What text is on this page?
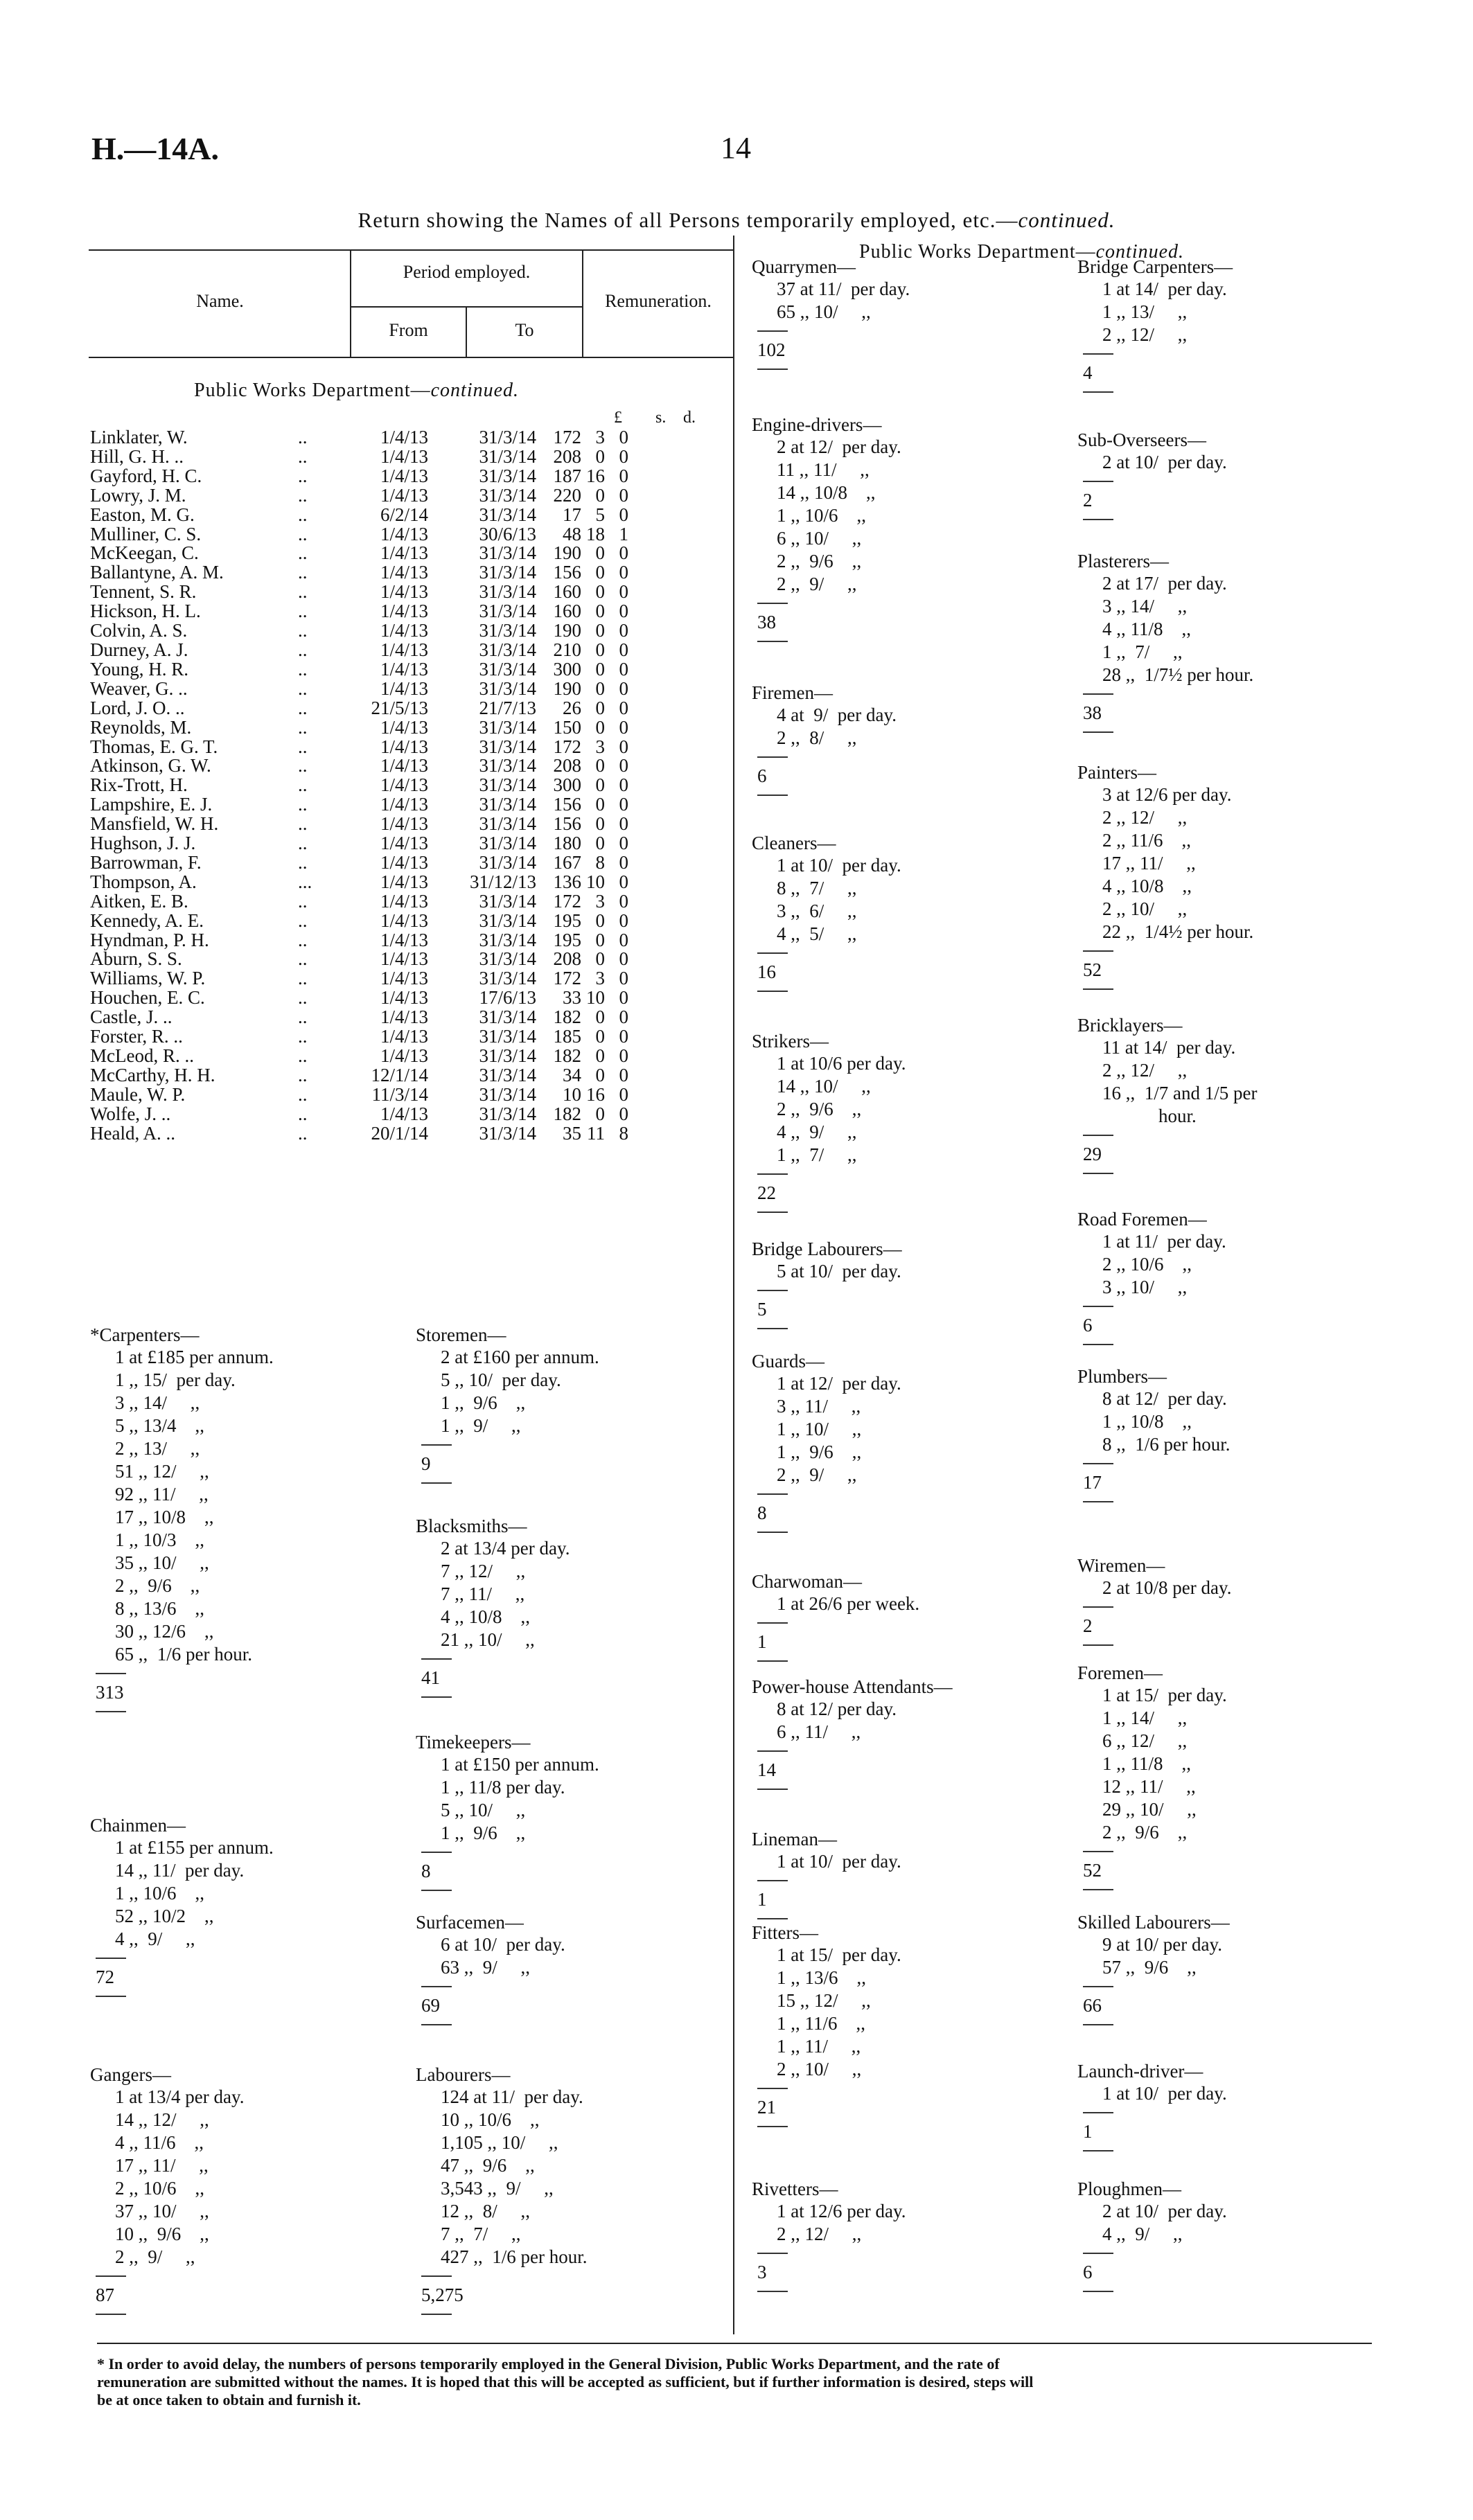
H.—14A.	14
Return showing the Names of all Persons temporarily employed, etc.—continued.
Name.
Period employed.
From	To
Remuneration.
Public Works Department—continued.
£ s. d.
Public Works Department—continued.
Linklater, W.	..	1/4/13	31/3/14	172	3	0
Hill, G. H. ..	..	1/4/13	31/3/14	208	0	0
Gayford, H. C.	..	1/4/13	31/3/14	187	16	0
Lowry, J. M.	..	1/4/13	31/3/14	220	0	0
Easton, M. G.	..	6/2/14	31/3/14	17	5	0
Mulliner, C. S.	..	1/4/13	30/6/13	48	18	1
McKeegan, C.	..	1/4/13	31/3/14	190	0	0
Ballantyne, A. M.	..	1/4/13	31/3/14	156	0	0
Tennent, S. R.	..	1/4/13	31/3/14	160	0	0
Hickson, H. L.	..	1/4/13	31/3/14	160	0	0
Colvin, A. S.	..	1/4/13	31/3/14	190	0	0
Durney, A. J.	..	1/4/13	31/3/14	210	0	0
Young, H. R.	..	1/4/13	31/3/14	300	0	0
Weaver, G. ..	..	1/4/13	31/3/14	190	0	0
Lord, J. O. ..	..	21/5/13	21/7/13	26	0	0
Reynolds, M.	..	1/4/13	31/3/14	150	0	0
Thomas, E. G. T.	..	1/4/13	31/3/14	172	3	0
Atkinson, G. W.	..	1/4/13	31/3/14	208	0	0
Rix-Trott, H.	..	1/4/13	31/3/14	300	0	0
Lampshire, E. J.	..	1/4/13	31/3/14	156	0	0
Mansfield, W. H.	..	1/4/13	31/3/14	156	0	0
Hughson, J. J.	..	1/4/13	31/3/14	180	0	0
Barrowman, F.	..	1/4/13	31/3/14	167	8	0
Thompson, A.	...	1/4/13	31/12/13	136	10	0
Aitken, E. B.	..	1/4/13	31/3/14	172	3	0
Kennedy, A. E.	..	1/4/13	31/3/14	195	0	0
Hyndman, P. H.	..	1/4/13	31/3/14	195	0	0
Aburn, S. S.	..	1/4/13	31/3/14	208	0	0
Williams, W. P.	..	1/4/13	31/3/14	172	3	0
Houchen, E. C.	..	1/4/13	17/6/13	33	10	0
Castle, J. ..	..	1/4/13	31/3/14	182	0	0
Forster, R. ..	..	1/4/13	31/3/14	185	0	0
McLeod, R. ..	..	1/4/13	31/3/14	182	0	0
McCarthy, H. H.	..	12/1/14	31/3/14	34	0	0
Maule, W. P.	..	11/3/14	31/3/14	10	16	0
Wolfe, J. ..	..	1/4/13	31/3/14	182	0	0
Heald, A. ..	..	20/1/14	31/3/14	35	11	8
*Carpenters—
1 at £185 per annum.
1 ,, 15/  per day.
3 ,, 14/     ,,
5 ,, 13/4    ,,
2 ,, 13/     ,,
51 ,, 12/     ,,
92 ,, 11/     ,,
17 ,, 10/8    ,,
1 ,, 10/3    ,,
35 ,, 10/     ,,
2 ,,  9/6    ,,
8 ,, 13/6    ,,
30 ,, 12/6    ,,
65 ,,  1/6 per hour.
313
Chainmen—
1 at £155 per annum.
14 ,, 11/  per day.
1 ,, 10/6    ,,
52 ,, 10/2    ,,
4 ,,  9/     ,,
72
Gangers—
1 at 13/4 per day.
14 ,, 12/     ,,
4 ,, 11/6    ,,
17 ,, 11/     ,,
2 ,, 10/6    ,,
37 ,, 10/     ,,
10 ,,  9/6    ,,
2 ,,  9/     ,,
87
Storemen—
2 at £160 per annum.
5 ,, 10/  per day.
1 ,,  9/6    ,,
1 ,,  9/     ,,
9
Blacksmiths—
2 at 13/4 per day.
7 ,, 12/     ,,
7 ,, 11/     ,,
4 ,, 10/8    ,,
21 ,, 10/     ,,
41
Timekeepers—
1 at £150 per annum.
1 ,, 11/8 per day.
5 ,, 10/     ,,
1 ,,  9/6    ,,
8
Surfacemen—
6 at 10/  per day.
63 ,,  9/     ,,
69
Labourers—
124 at 11/  per day.
10 ,, 10/6    ,,
1,105 ,, 10/     ,,
47 ,,  9/6    ,,
3,543 ,,  9/     ,,
12 ,,  8/     ,,
7 ,,  7/     ,,
427 ,,  1/6 per hour.
5,275
Quarrymen—
37 at 11/  per day.
65 ,, 10/     ,,
102
Engine-drivers—
2 at 12/  per day.
11 ,, 11/     ,,
14 ,, 10/8    ,,
1 ,, 10/6    ,,
6 ,, 10/     ,,
2 ,,  9/6    ,,
2 ,,  9/     ,,
38
Firemen—
4 at  9/  per day.
2 ,,  8/     ,,
6
Cleaners—
1 at 10/  per day.
8 ,,  7/     ,,
3 ,,  6/     ,,
4 ,,  5/     ,,
16
Strikers—
1 at 10/6 per day.
14 ,, 10/     ,,
2 ,,  9/6    ,,
4 ,,  9/     ,,
1 ,,  7/     ,,
22
Bridge Labourers—
5 at 10/  per day.
5
Guards—
1 at 12/  per day.
3 ,, 11/     ,,
1 ,, 10/     ,,
1 ,,  9/6    ,,
2 ,,  9/     ,,
8
Charwoman—
1 at 26/6 per week.
1
Power-house Attendants—
8 at 12/ per day.
6 ,, 11/     ,,
14
Lineman—
1 at 10/  per day.
1
Fitters—
1 at 15/  per day.
1 ,, 13/6    ,,
15 ,, 12/     ,,
1 ,, 11/6    ,,
1 ,, 11/     ,,
2 ,, 10/     ,,
21
Rivetters—
1 at 12/6 per day.
2 ,, 12/     ,,
3
Bridge Carpenters—
1 at 14/  per day.
1 ,, 13/     ,,
2 ,, 12/     ,,
4
Sub-Overseers—
2 at 10/  per day.
2
Plasterers—
2 at 17/  per day.
3 ,, 14/     ,,
4 ,, 11/8    ,,
1 ,,  7/     ,,
28 ,,  1/7½ per hour.
38
Painters—
3 at 12/6 per day.
2 ,, 12/     ,,
2 ,, 11/6    ,,
17 ,, 11/     ,,
4 ,, 10/8    ,,
2 ,, 10/     ,,
22 ,,  1/4½ per hour.
52
Bricklayers—
11 at 14/  per day.
2 ,, 12/     ,,
16 ,,  1/7 and 1/5 per
hour.
29
Road Foremen—
1 at 11/  per day.
2 ,, 10/6    ,,
3 ,, 10/     ,,
6
Plumbers—
8 at 12/  per day.
1 ,, 10/8    ,,
8 ,,  1/6 per hour.
17
Wiremen—
2 at 10/8 per day.
2
Foremen—
1 at 15/  per day.
1 ,, 14/     ,,
6 ,, 12/     ,,
1 ,, 11/8    ,,
12 ,, 11/     ,,
29 ,, 10/     ,,
2 ,,  9/6    ,,
52
Skilled Labourers—
9 at 10/ per day.
57 ,,  9/6    ,,
66
Launch-driver—
1 at 10/  per day.
1
Ploughmen—
2 at 10/  per day.
4 ,,  9/     ,,
6
* In order to avoid delay, the numbers of persons temporarily employed in the General Division, Public Works Department, and the rate of
remuneration are submitted without the names. It is hoped that this will be accepted as sufficient, but if further information is desired, steps will
be at once taken to obtain and furnish it.
